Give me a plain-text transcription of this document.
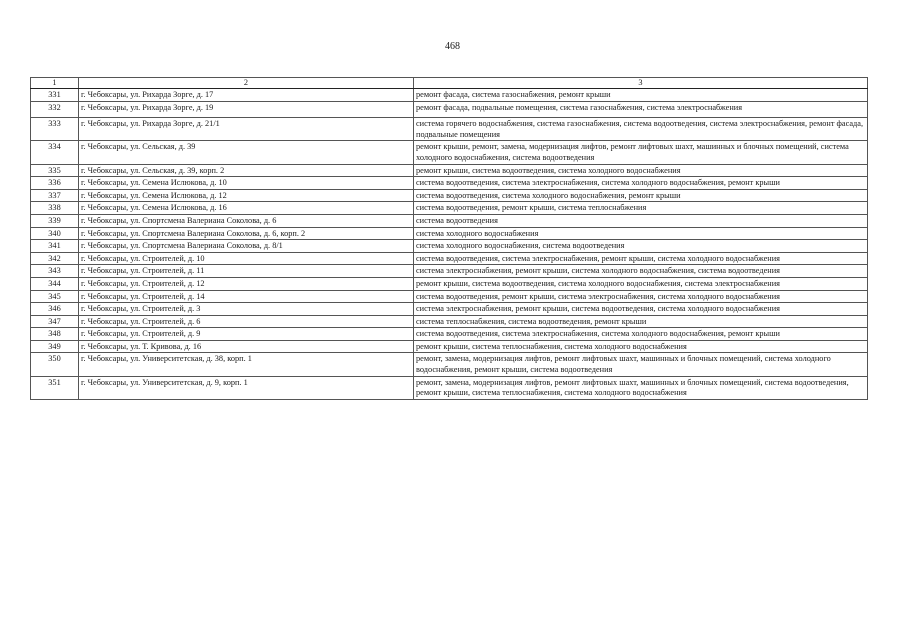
468
1	2	3
331	г. Чебоксары, ул. Рихарда Зорге, д. 17	ремонт фасада, система газоснабжения, ремонт крыши
332	г. Чебоксары, ул. Рихарда Зорге, д. 19	ремонт фасада, подвальные помещения, система газоснабжения, система электроснабжения
333	г. Чебоксары, ул. Рихарда Зорге, д. 21/1	система горячего водоснабжения, система газоснабжения, система водоотведения, система электроснабжения, ремонт фасада, подвальные помещения
334	г. Чебоксары, ул. Сельская, д. 39	ремонт крыши, ремонт, замена, модернизация лифтов, ремонт лифтовых шахт, машинных и блочных помещений, система холодного водоснабжения, система водоотведения
335	г. Чебоксары, ул. Сельская, д. 39, корп. 2	ремонт крыши, система водоотведения, система холодного водоснабжения
336	г. Чебоксары, ул. Семена Ислюкова, д. 10	система водоотведения, система электроснабжения, система холодного водоснабжения, ремонт крыши
337	г. Чебоксары, ул. Семена Ислюкова, д. 12	система водоотведения, система холодного водоснабжения, ремонт крыши
338	г. Чебоксары, ул. Семена Ислюкова, д. 16	система водоотведения, ремонт крыши, система теплоснабжения
339	г. Чебоксары, ул. Спортсмена Валериана Соколова, д. 6	система водоотведения
340	г. Чебоксары, ул. Спортсмена Валериана Соколова, д. 6, корп. 2	система холодного водоснабжения
341	г. Чебоксары, ул. Спортсмена Валериана Соколова, д. 8/1	система холодного водоснабжения, система водоотведения
342	г. Чебоксары, ул. Строителей, д. 10	система водоотведения, система электроснабжения, ремонт крыши, система холодного водоснабжения
343	г. Чебоксары, ул. Строителей, д. 11	система электроснабжения, ремонт крыши, система холодного водоснабжения, система водоотведения
344	г. Чебоксары, ул. Строителей, д. 12	ремонт крыши, система водоотведения, система холодного водоснабжения, система электроснабжения
345	г. Чебоксары, ул. Строителей, д. 14	система водоотведения, ремонт крыши, система электроснабжения, система холодного водоснабжения
346	г. Чебоксары, ул. Строителей, д. 3	система электроснабжения, ремонт крыши, система водоотведения, система холодного водоснабжения
347	г. Чебоксары, ул. Строителей, д. 6	система теплоснабжения, система водоотведения, ремонт крыши
348	г. Чебоксары, ул. Строителей, д. 9	система водоотведения, система электроснабжения, система холодного водоснабжения, ремонт крыши
349	г. Чебоксары, ул. Т. Кривова, д. 16	ремонт крыши, система теплоснабжения, система холодного водоснабжения
350	г. Чебоксары, ул. Университетская, д. 38, корп. 1	ремонт, замена, модернизация лифтов, ремонт лифтовых шахт, машинных и блочных помещений, система холодного водоснабжения, ремонт крыши, система водоотведения
351	г. Чебоксары, ул. Университетская, д. 9, корп. 1	ремонт, замена, модернизация лифтов, ремонт лифтовых шахт, машинных и блочных помещений, система водоотведения, ремонт крыши, система теплоснабжения, система холодного водоснабжения
